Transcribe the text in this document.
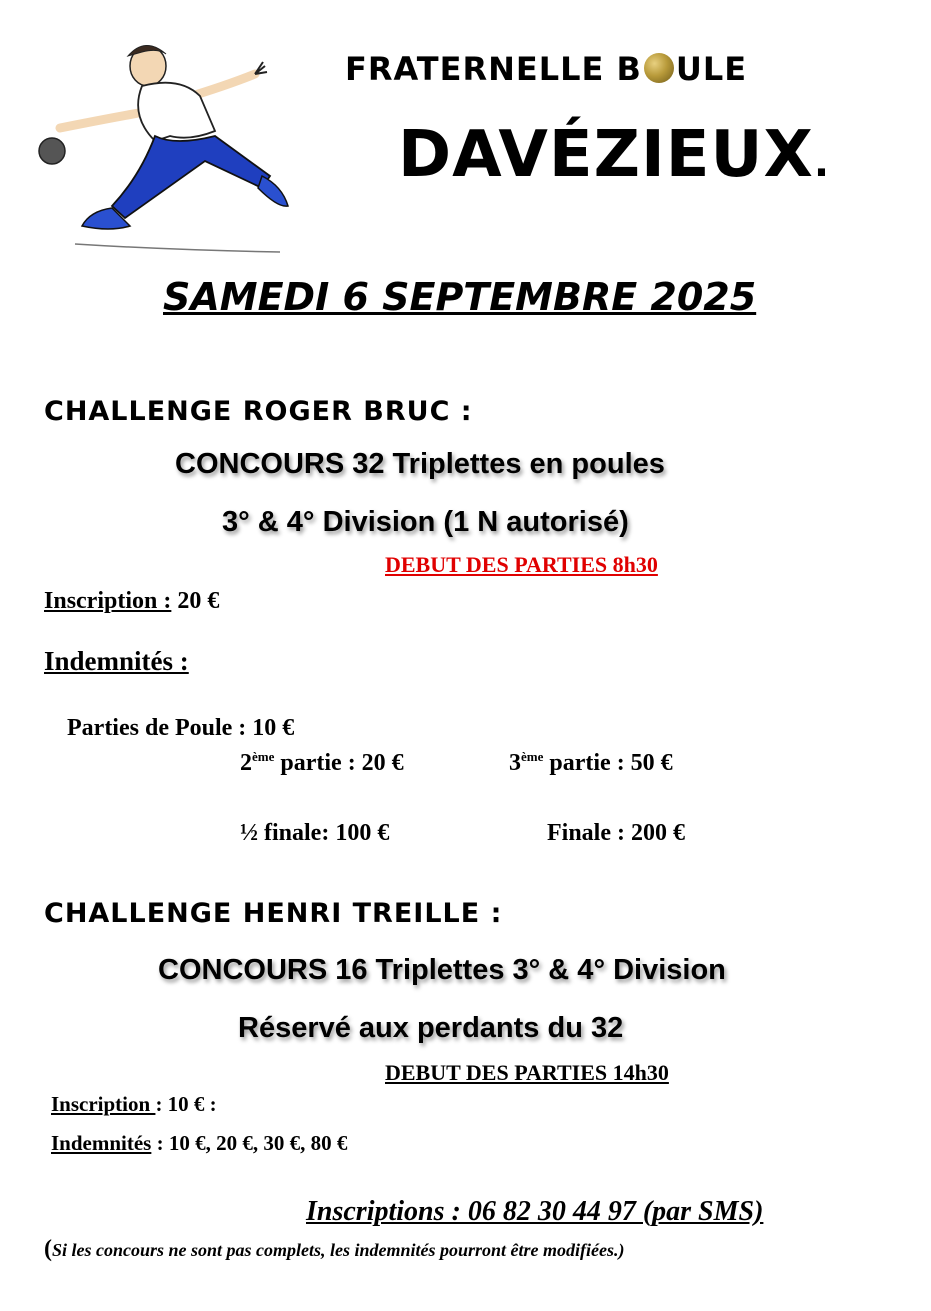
FRATERNELLE B ULE
DAVÉZIEUX.
SAMEDI 6 SEPTEMBRE 2025
CHALLENGE ROGER BRUC :
CONCOURS 32 Triplettes en poules
3° & 4° Division (1 N autorisé)
DEBUT DES PARTIES 8h30
Inscription : 20 €
Indemnités :
Parties de Poule : 10 €
2ème partie : 20 €	3ème partie : 50 €
½ finale: 100 €	Finale : 200 €
CHALLENGE HENRI TREILLE :
CONCOURS 16 Triplettes 3° & 4° Division
Réservé aux perdants du 32
DEBUT DES PARTIES 14h30
Inscription : 10 € :
Indemnités : 10 €, 20 €, 30 €, 80 €
Inscriptions : 06 82 30 44 97 (par SMS)
(Si les concours ne sont pas complets, les indemnités pourront être modifiées.)
